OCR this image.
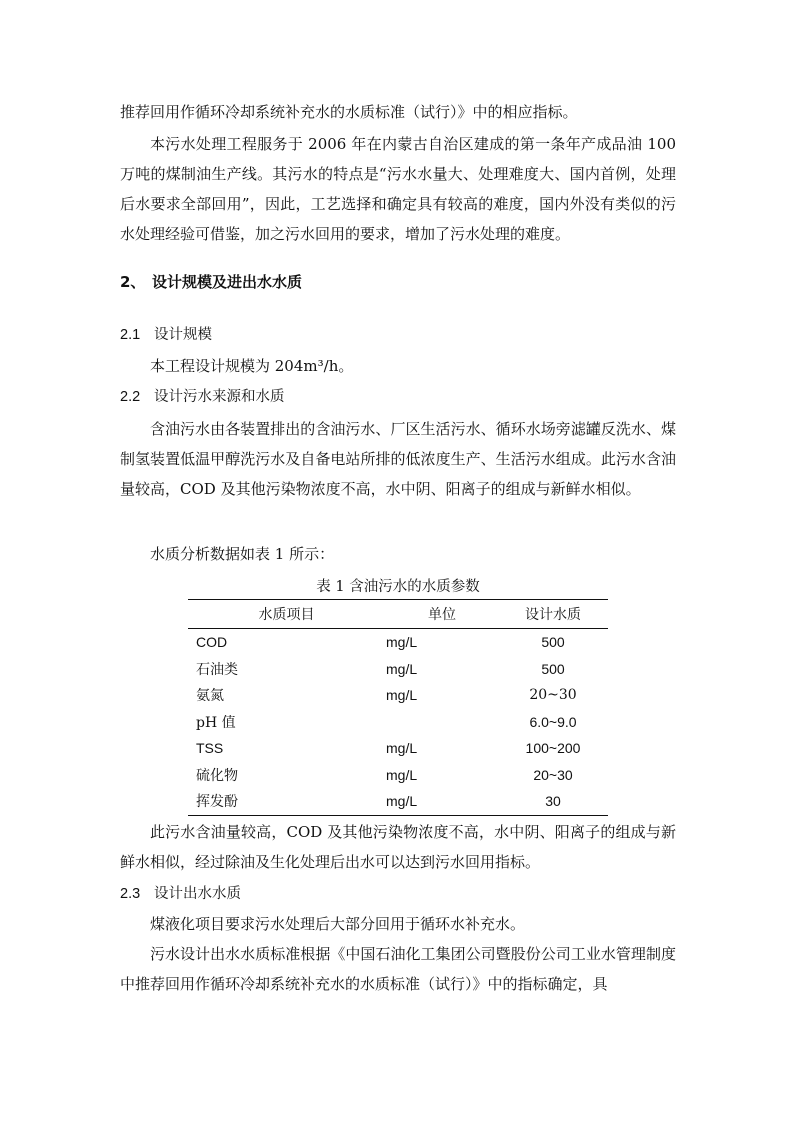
推荐回用作循环冷却系统补充水的水质标准（试行）》中的相应指标。

本污水处理工程服务于 2006 年在内蒙古自治区建成的第一条年产成品油 100 万吨的煤制油生产线。其污水的特点是“污水水量大、处理难度大、国内首例，处理后水要求全部回用”，因此，工艺选择和确定具有较高的难度，国内外没有类似的污水处理经验可借鉴，加之污水回用的要求，增加了污水处理的难度。

2、 设计规模及进出水水质

2.1 设计规模

本工程设计规模为 204m³/h。

2.2 设计污水来源和水质

含油污水由各装置排出的含油污水、厂区生活污水、循环水场旁滤罐反洗水、煤制氢装置低温甲醇洗污水及自备电站所排的低浓度生产、生活污水组成。此污水含油量较高，COD 及其他污染物浓度不高，水中阴、阳离子的组成与新鲜水相似。

水质分析数据如表 1 所示：

表 1 含油污水的水质参数

水质项目	单位	设计水质
COD	mg/L	500
石油类	mg/L	500
氨氮	mg/L	20~30
pH 值		6.0~9.0
TSS	mg/L	100~200
硫化物	mg/L	20~30
挥发酚	mg/L	30

此污水含油量较高，COD 及其他污染物浓度不高，水中阴、阳离子的组成与新鲜水相似，经过除油及生化处理后出水可以达到污水回用指标。

2.3 设计出水水质

煤液化项目要求污水处理后大部分回用于循环水补充水。

污水设计出水水质标准根据《中国石油化工集团公司暨股份公司工业水管理制度中推荐回用作循环冷却系统补充水的水质标准（试行）》中的指标确定，具
